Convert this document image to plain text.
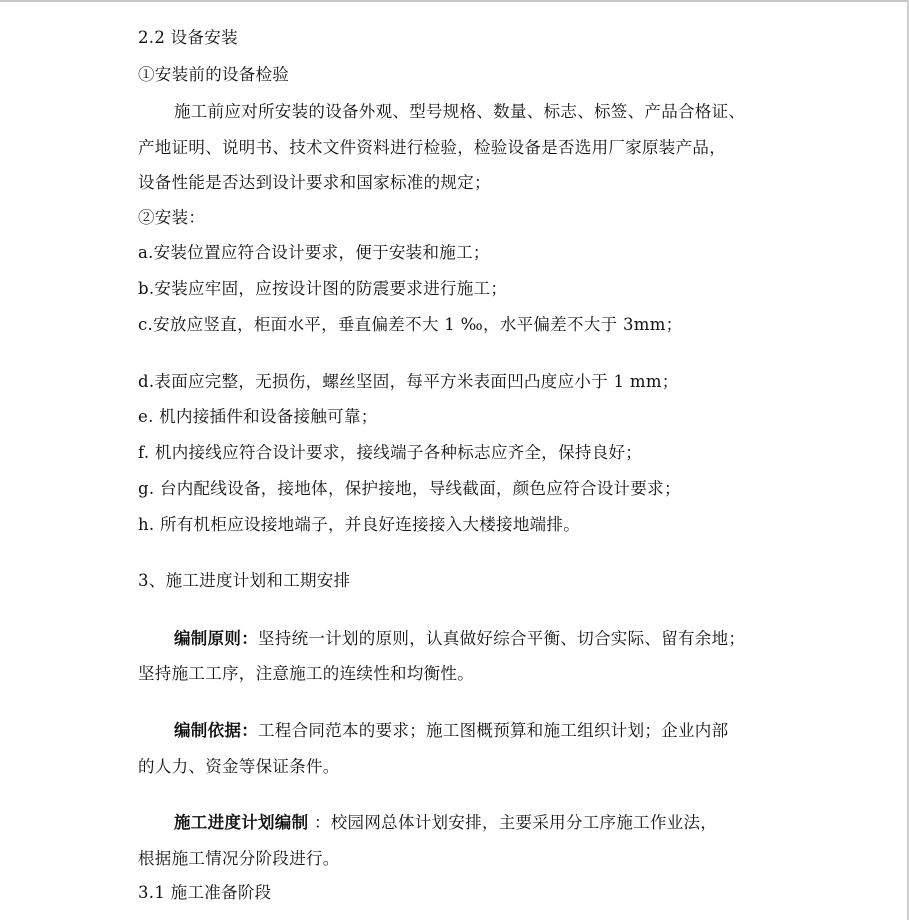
2.2 设备安装
①安装前的设备检验
施工前应对所安装的设备外观、型号规格、数量、标志、标签、产品合格证、
产地证明、说明书、技术文件资料进行检验，检验设备是否选用厂家原装产品，
设备性能是否达到设计要求和国家标准的规定；
②安装：
a.安装位置应符合设计要求，便于安装和施工；
b.安装应牢固，应按设计图的防震要求进行施工；
c.安放应竖直，柜面水平，垂直偏差不大 1 ‰，水平偏差不大于 3mm；
d.表面应完整，无损伤，螺丝坚固，每平方米表面凹凸度应小于 1 mm；
e. 机内接插件和设备接触可靠；
f. 机内接线应符合设计要求，接线端子各种标志应齐全，保持良好；
g. 台内配线设备，接地体，保护接地，导线截面，颜色应符合设计要求；
h. 所有机柜应设接地端子，并良好连接接入大楼接地端排。
3、施工进度计划和工期安排
编制原则：坚持统一计划的原则，认真做好综合平衡、切合实际、留有余地；
坚持施工工序，注意施工的连续性和均衡性。
编制依据：工程合同范本的要求；施工图概预算和施工组织计划；企业内部
的人力、资金等保证条件。
施工进度计划编制 ：校园网总体计划安排，主要采用分工序施工作业法，
根据施工情况分阶段进行。
3.1 施工准备阶段
